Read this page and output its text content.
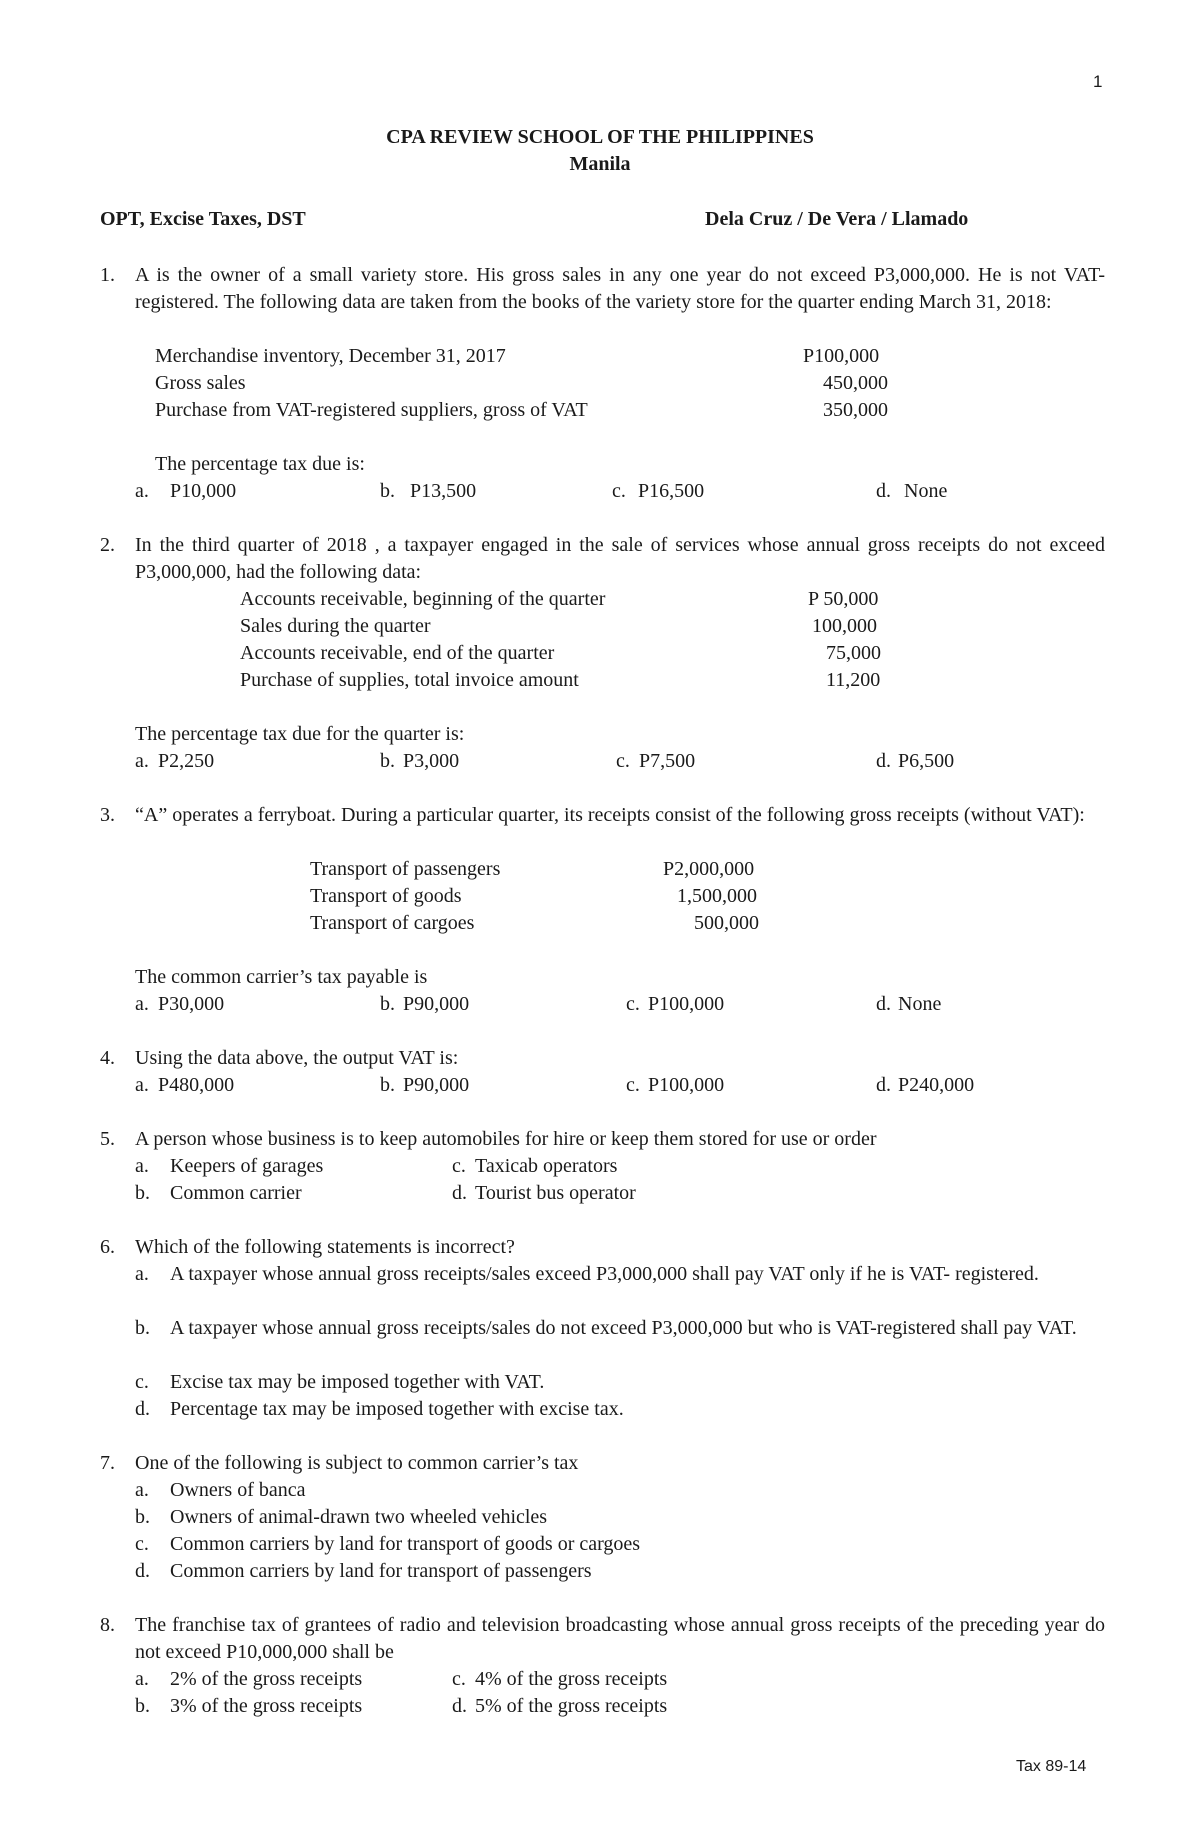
1
CPA REVIEW SCHOOL OF THE PHILIPPINES
Manila
OPT, Excise Taxes, DST	Dela Cruz / De Vera / Llamado
1. A is the owner of a small variety store. His gross sales in any one year do not exceed P3,000,000. He is not VAT-registered. The following data are taken from the books of the variety store for the quarter ending March 31, 2018:
Merchandise inventory, December 31, 2017	P100,000
Gross sales	450,000
Purchase from VAT-registered suppliers, gross of VAT	350,000
The percentage tax due is:
a. P10,000	b. P13,500	c. P16,500	d. None
2. In the third quarter of 2018 , a taxpayer engaged in the sale of services whose annual gross receipts do not exceed P3,000,000, had the following data:
Accounts receivable, beginning of the quarter	P 50,000
Sales during the quarter	100,000
Accounts receivable, end of the quarter	75,000
Purchase of supplies, total invoice amount	11,200
The percentage tax due for the quarter is:
a. P2,250	b. P3,000	c. P7,500	d. P6,500
3. “A” operates a ferryboat. During a particular quarter, its receipts consist of the following gross receipts (without VAT):
Transport of passengers	P2,000,000
Transport of goods	1,500,000
Transport of cargoes	500,000
The common carrier’s tax payable is
a. P30,000	b. P90,000	c. P100,000	d. None
4. Using the data above, the output VAT is:
a. P480,000	b. P90,000	c. P100,000	d. P240,000
5. A person whose business is to keep automobiles for hire or keep them stored for use or order
a. Keepers of garages	c. Taxicab operators
b. Common carrier	d. Tourist bus operator
6. Which of the following statements is incorrect?
a. A taxpayer whose annual gross receipts/sales exceed P3,000,000 shall pay VAT only if he is VAT- registered.
b. A taxpayer whose annual gross receipts/sales do not exceed P3,000,000 but who is VAT-registered shall pay VAT.
c. Excise tax may be imposed together with VAT.
d. Percentage tax may be imposed together with excise tax.
7. One of the following is subject to common carrier’s tax
a. Owners of banca
b. Owners of animal-drawn two wheeled vehicles
c. Common carriers by land for transport of goods or cargoes
d. Common carriers by land for transport of passengers
8. The franchise tax of grantees of radio and television broadcasting whose annual gross receipts of the preceding year do not exceed P10,000,000 shall be
a. 2% of the gross receipts	c. 4% of the gross receipts
b. 3% of the gross receipts	d. 5% of the gross receipts
Tax 89-14
